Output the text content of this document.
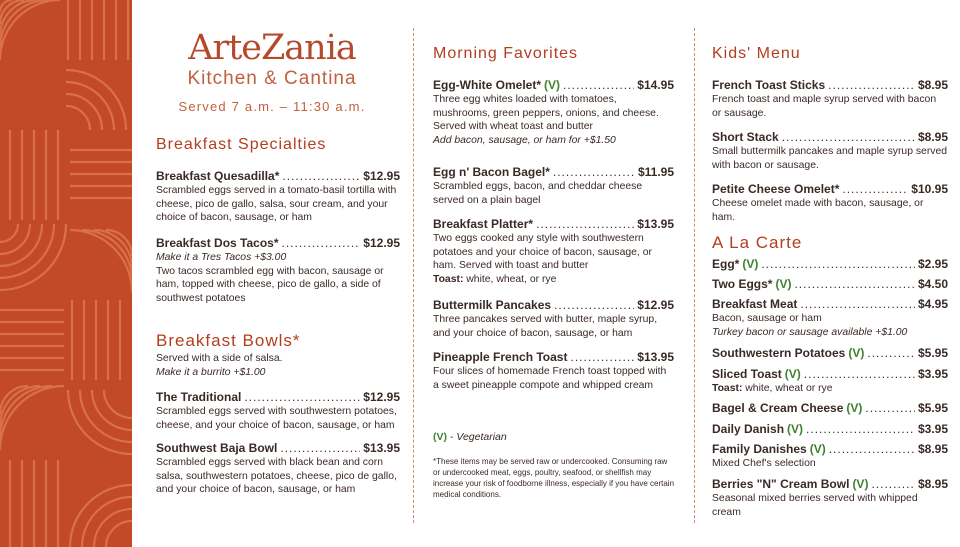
ArteZania
Kitchen & Cantina
Served 7 a.m. – 11:30 a.m.
Breakfast Specialties
Breakfast Quesadilla* .....	$12.95
Scrambled eggs served in a tomato-basil tortilla with cheese, pico de gallo, salsa, sour cream, and your choice of bacon, sausage, or ham
Breakfast Dos Tacos* .....	$12.95
Make it a Tres Tacos +$3.00
Two tacos scrambled egg with bacon, sausage or ham, topped with cheese, pico de gallo, a side of southwest potatoes
Breakfast Bowls*
Served with a side of salsa.
Make it a burrito +$1.00
The Traditional .....	$12.95
Scrambled eggs served with southwestern potatoes, cheese, and your choice of bacon, sausage, or ham
Southwest Baja Bowl .....	$13.95
Scrambled eggs served with black bean and corn salsa, southwestern potatoes, cheese, pico de gallo, and your choice of bacon, sausage, or ham
Morning Favorites
Egg-White Omelet* (V) .....	$14.95
Three egg whites loaded with tomatoes, mushrooms, green peppers, onions, and cheese. Served with wheat toast and butter
Add bacon, sausage, or ham for +$1.50
Egg n' Bacon Bagel* .....	$11.95
Scrambled eggs, bacon, and cheddar cheese served on a plain bagel
Breakfast Platter* .....	$13.95
Two eggs cooked any style with southwestern potatoes and your choice of bacon, sausage, or ham. Served with toast and butter
Toast: white, wheat, or rye
Buttermilk Pancakes .....	$12.95
Three pancakes served with butter, maple syrup, and your choice of bacon, sausage, or ham
Pineapple French Toast .....	$13.95
Four slices of homemade French toast topped with a sweet pineapple compote and whipped cream
(V) - Vegetarian
*These items may be served raw or undercooked. Consuming raw or undercooked meat, eggs, poultry, seafood, or shellfish may increase your risk of foodborne illness, especially if you have certain medical conditions.
Kids' Menu
French Toast Sticks .....	$8.95
French toast and maple syrup served with bacon or sausage.
Short Stack .....	$8.95
Small buttermilk pancakes and maple syrup served with bacon or sausage.
Petite Cheese Omelet* .....	$10.95
Cheese omelet made with bacon, sausage, or ham.
A La Carte
Egg* (V) .....	$2.95
Two Eggs* (V) .....	$4.50
Breakfast Meat .....	$4.95
Bacon, sausage or ham
Turkey bacon or sausage available +$1.00
Southwestern Potatoes (V) .....	$5.95
Sliced Toast (V) .....	$3.95
Toast: white, wheat or rye
Bagel & Cream Cheese (V) .....	$5.95
Daily Danish (V) .....	$3.95
Family Danishes (V) .....	$8.95
Mixed Chef's selection
Berries "N" Cream Bowl (V) .....	$8.95
Seasonal mixed berries served with whipped cream
